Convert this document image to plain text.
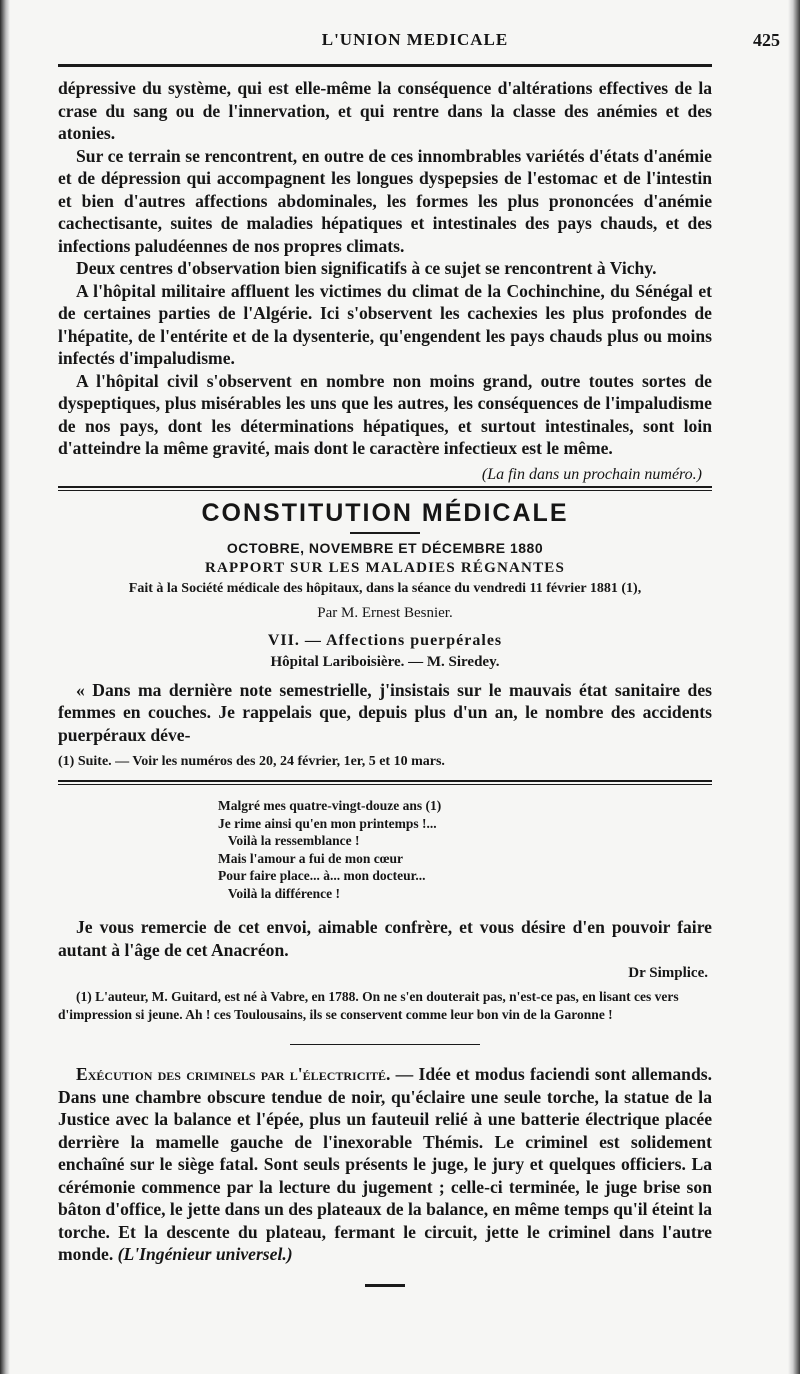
L'UNION MEDICALE	425

dépressive du système, qui est elle-même la conséquence d'altérations effectives de la crase du sang ou de l'innervation, et qui rentre dans la classe des anémies et des atonies.

Sur ce terrain se rencontrent, en outre de ces innombrables variétés d'états d'anémie et de dépression qui accompagnent les longues dyspepsies de l'estomac et de l'intestin et bien d'autres affections abdominales, les formes les plus prononcées d'anémie cachectisante, suites de maladies hépatiques et intestinales des pays chauds, et des infections paludéennes de nos propres climats.

Deux centres d'observation bien significatifs à ce sujet se rencontrent à Vichy.

A l'hôpital militaire affluent les victimes du climat de la Cochinchine, du Sénégal et de certaines parties de l'Algérie. Ici s'observent les cachexies les plus profondes de l'hépatite, de l'entérite et de la dysenterie, qu'engendent les pays chauds plus ou moins infectés d'impaludisme.

A l'hôpital civil s'observent en nombre non moins grand, outre toutes sortes de dyspeptiques, plus misérables les uns que les autres, les conséquences de l'impaludisme de nos pays, dont les déterminations hépatiques, et surtout intestinales, sont loin d'atteindre la même gravité, mais dont le caractère infectieux est le même.

(La fin dans un prochain numéro.)
CONSTITUTION MÉDICALE
OCTOBRE, NOVEMBRE ET DÉCEMBRE 1880
RAPPORT SUR LES MALADIES RÉGNANTES
Fait à la Société médicale des hôpitaux, dans la séance du vendredi 11 février 1881 (1),
Par M. Ernest Besnier.
VII. — Affections puerpérales
Hôpital Lariboisière. — M. Siredey.

« Dans ma dernière note semestrielle, j'insistais sur le mauvais état sanitaire des femmes en couches. Je rappelais que, depuis plus d'un an, le nombre des accidents puerpéraux déve-

(1) Suite. — Voir les numéros des 20, 24 février, 1er, 5 et 10 mars.
Malgré mes quatre-vingt-douze ans (1)
Je rime ainsi qu'en mon printemps !...
Voilà la ressemblance !
Mais l'amour a fui de mon cœur
Pour faire place... à... mon docteur...
Voilà la différence !

Je vous remercie de cet envoi, aimable confrère, et vous désire d'en pouvoir faire autant à l'âge de cet Anacréon.

Dr Simplice.

(1) L'auteur, M. Guitard, est né à Vabre, en 1788. On ne s'en douterait pas, n'est-ce pas, en lisant ces vers d'impression si jeune. Ah ! ces Toulousains, ils se conservent comme leur bon vin de la Garonne !

Exécution des criminels par l'électricité. — Idée et modus faciendi sont allemands. Dans une chambre obscure tendue de noir, qu'éclaire une seule torche, la statue de la Justice avec la balance et l'épée, plus un fauteuil relié à une batterie électrique placée derrière la mamelle gauche de l'inexorable Thémis. Le criminel est solidement enchaîné sur le siège fatal. Sont seuls présents le juge, le jury et quelques officiers. La cérémonie commence par la lecture du jugement ; celle-ci terminée, le juge brise son bâton d'office, le jette dans un des plateaux de la balance, en même temps qu'il éteint la torche. Et la descente du plateau, fermant le circuit, jette le criminel dans l'autre monde. (L'Ingénieur universel.)
